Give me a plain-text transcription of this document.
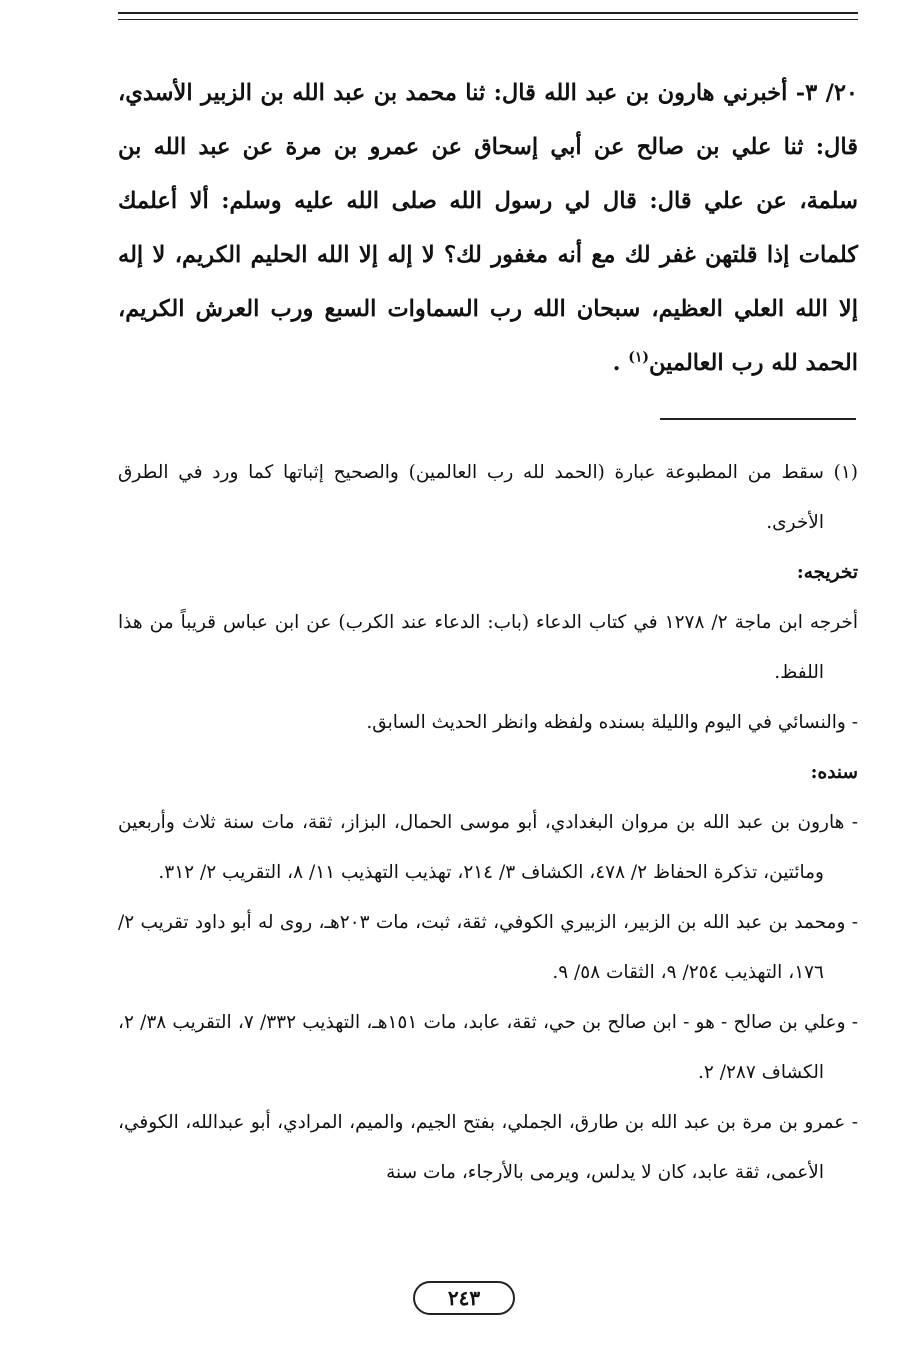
٢٠/ ٣- أخبرني هارون بن عبد الله قال: ثنا محمد بن عبد الله بن الزبير الأسدي، قال: ثنا علي بن صالح عن أبي إسحاق عن عمرو بن مرة عن عبد الله بن سلمة، عن علي قال: قال لي رسول الله صلى الله عليه وسلم: ألا أعلمك كلمات إذا قلتهن غفر لك مع أنه مغفور لك؟ لا إله إلا الله الحليم الكريم، لا إله إلا الله العلي العظيم، سبحان الله رب السماوات السبع ورب العرش الكريم، الحمد لله رب العالمين$^{(١)}$ .

(١) سقط من المطبوعة عبارة (الحمد لله رب العالمين) والصحيح إثباتها كما ورد في الطرق الأخرى.

تخريجه:

أخرجه ابن ماجة ٢/ ١٢٧٨ في كتاب الدعاء (باب: الدعاء عند الكرب) عن ابن عباس قريباً من هذا اللفظ.

- والنسائي في اليوم والليلة بسنده ولفظه وانظر الحديث السابق.

سنده:

- هارون بن عبد الله بن مروان البغدادي، أبو موسى الحمال، البزاز، ثقة، مات سنة ثلاث وأربعين ومائتين، تذكرة الحفاظ ٢/ ٤٧٨، الكشاف ٣/ ٢١٤، تهذيب التهذيب ١١/ ٨، التقريب ٢/ ٣١٢.

- ومحمد بن عبد الله بن الزبير، الزبيري الكوفي، ثقة، ثبت، مات ٢٠٣هـ، روى له أبو داود تقريب ٢/ ١٧٦، التهذيب ٢٥٤/ ٩، الثقات ٥٨/ ٩.

- وعلي بن صالح - هو - ابن صالح بن حي، ثقة، عابد، مات ١٥١هـ، التهذيب ٣٣٢/ ٧، التقريب ٣٨/ ٢، الكشاف ٢٨٧/ ٢.

- عمرو بن مرة بن عبد الله بن طارق، الجملي، بفتح الجيم، والميم، المرادي، أبو عبدالله، الكوفي، الأعمى، ثقة عابد، كان لا يدلس، ويرمى بالأرجاء، مات سنة

٢٤٣
